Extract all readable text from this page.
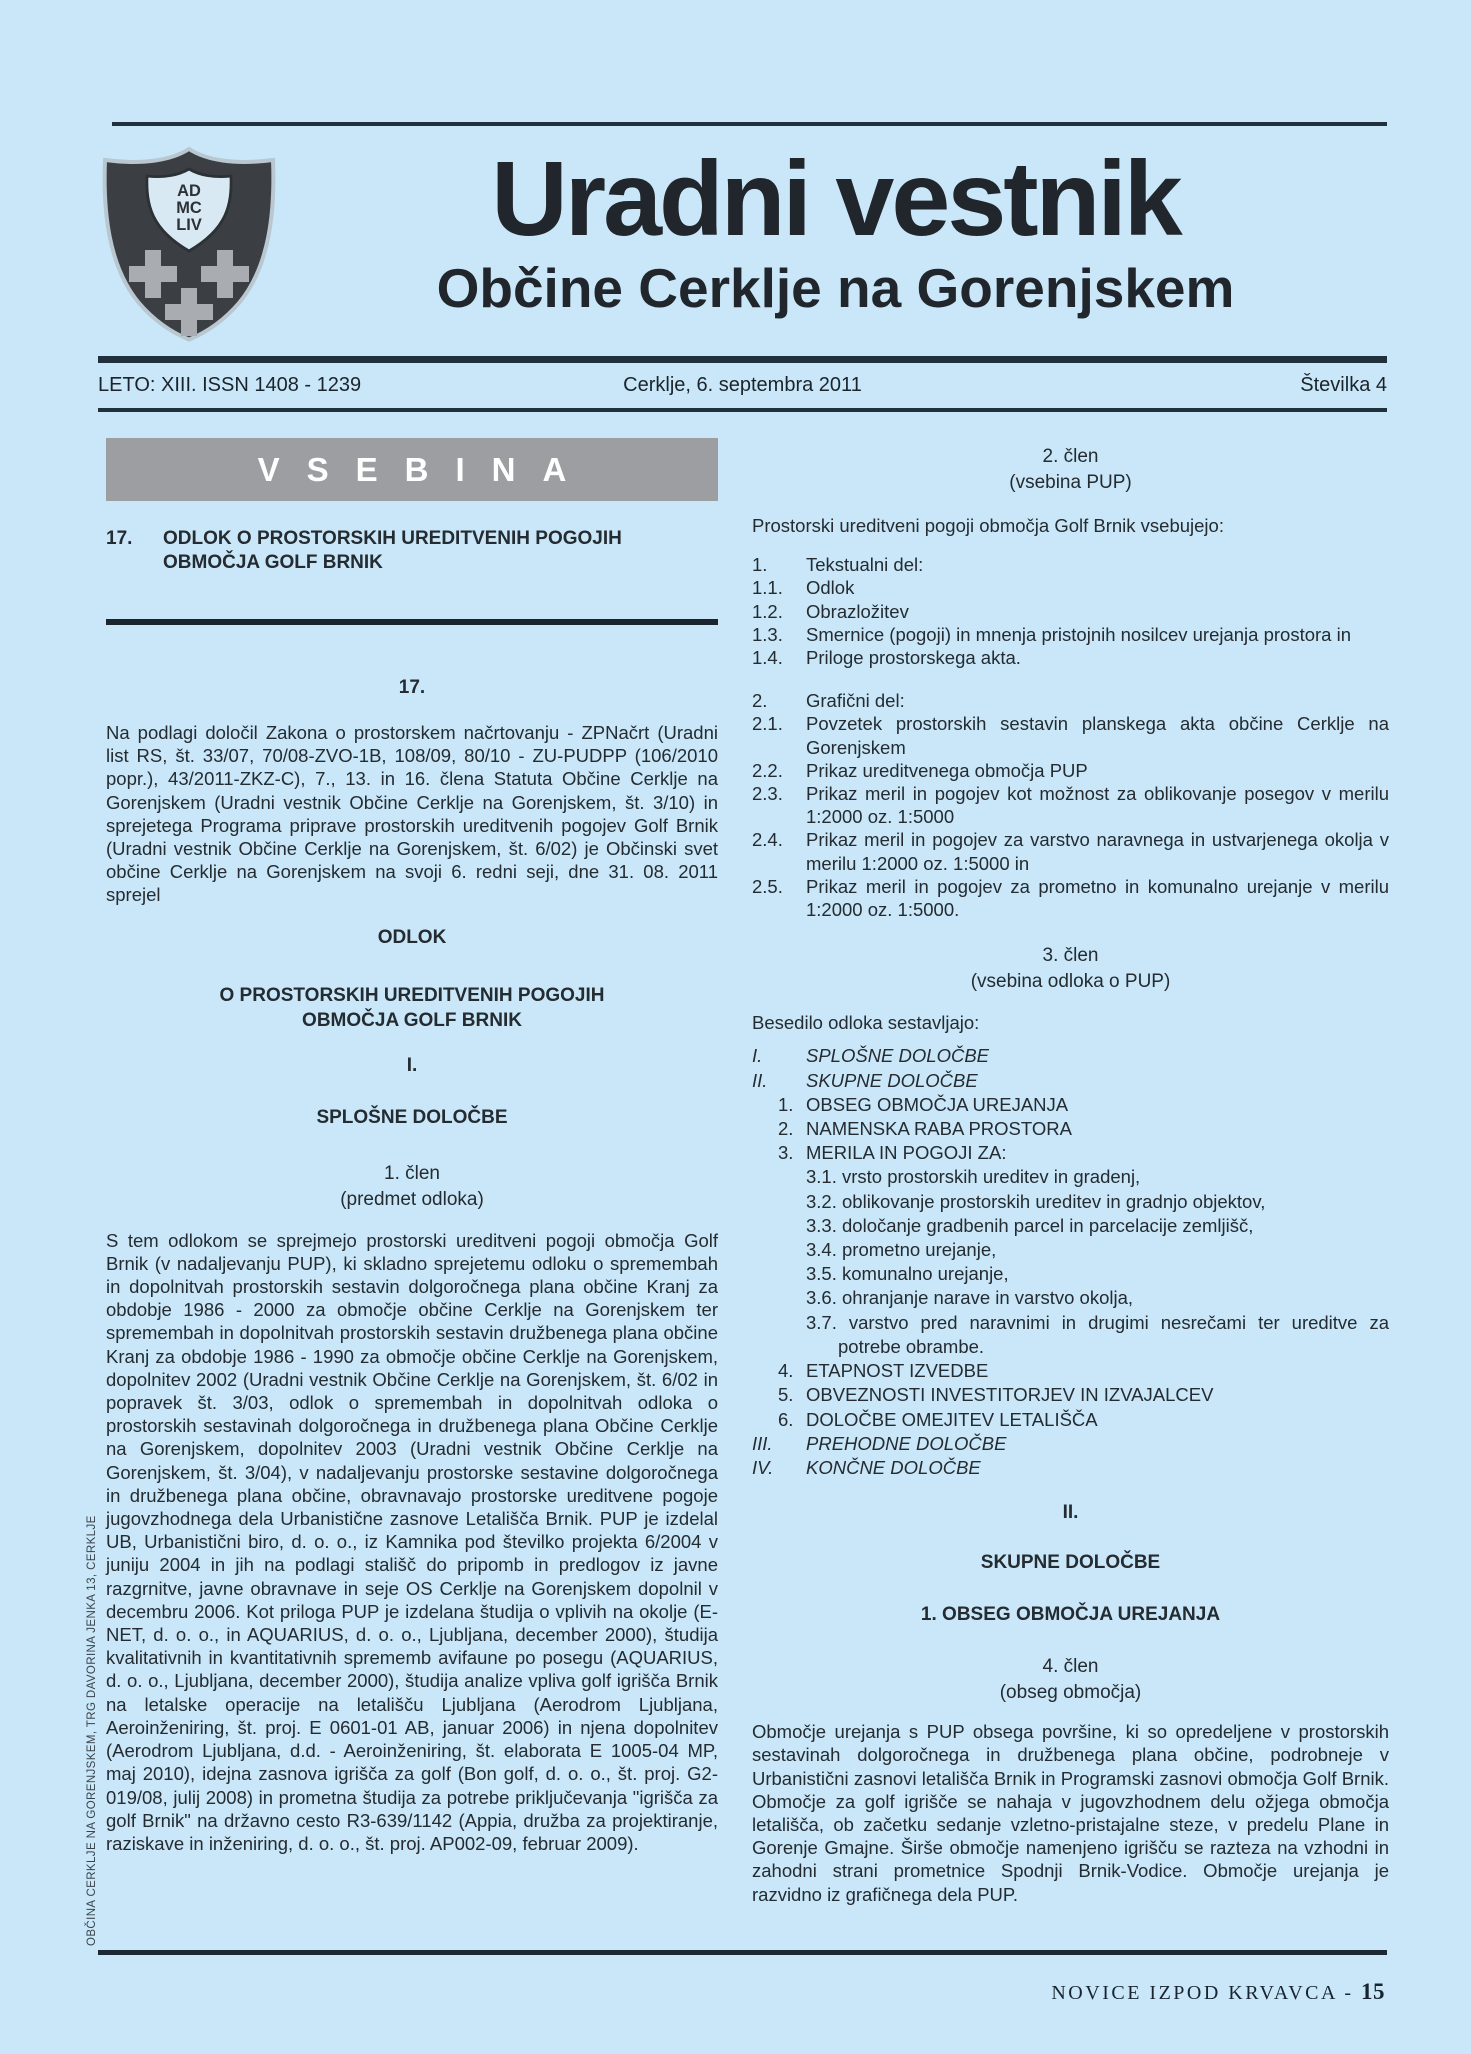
AD
MC
LIV	Uradni vestnik
Občine Cerklje na Gorenjskem
LETO: XIII. ISSN 1408 - 1239	Cerklje, 6. septembra 2011	Številka 4
VSEBINA
17.	ODLOK O PROSTORSKIH UREDITVENIH POGOJIH OBMOČJA GOLF BRNIK
17.

Na podlagi določil Zakona o prostorskem načrtovanju - ZPNačrt (Uradni list RS, št. 33/07, 70/08-ZVO-1B, 108/09, 80/10 - ZU-PUDPP (106/2010 popr.), 43/2011-ZKZ-C), 7., 13. in 16. člena Statuta Občine Cerklje na Gorenjskem (Uradni vestnik Občine Cerklje na Gorenjskem, št. 3/10) in sprejetega Programa priprave prostorskih ureditvenih pogojev Golf Brnik (Uradni vestnik Občine Cerklje na Gorenjskem, št. 6/02) je Občinski svet občine Cerklje na Gorenjskem na svoji 6. redni seji, dne 31. 08. 2011 sprejel

ODLOK
O PROSTORSKIH UREDITVENIH POGOJIH OBMOČJA GOLF BRNIK
I.
SPLOŠNE DOLOČBE
1. člen
(predmet odloka)

S tem odlokom se sprejmejo prostorski ureditveni pogoji območja Golf Brnik (v nadaljevanju PUP), ki skladno sprejetemu odloku o spremembah in dopolnitvah prostorskih sestavin dolgoročnega plana občine Kranj za obdobje 1986 - 2000 za območje občine Cerklje na Gorenjskem ter spremembah in dopolnitvah prostorskih sestavin družbenega plana občine Kranj za obdobje 1986 - 1990 za območje občine Cerklje na Gorenjskem, dopolnitev 2002 (Uradni vestnik Občine Cerklje na Gorenjskem, št. 6/02 in popravek št. 3/03, odlok o spremembah in dopolnitvah odloka o prostorskih sestavinah dolgoročnega in družbenega plana Občine Cerklje na Gorenjskem, dopolnitev 2003 (Uradni vestnik Občine Cerklje na Gorenjskem, št. 3/04), v nadaljevanju prostorske sestavine dolgoročnega in družbenega plana občine, obravnavajo prostorske ureditvene pogoje jugovzhodnega dela Urbanistične zasnove Letališča Brnik. PUP je izdelal UB, Urbanistični biro, d. o. o., iz Kamnika pod številko projekta 6/2004 v juniju 2004 in jih na podlagi stališč do pripomb in predlogov iz javne razgrnitve, javne obravnave in seje OS Cerklje na Gorenjskem dopolnil v decembru 2006. Kot priloga PUP je izdelana študija o vplivih na okolje (E-NET, d. o. o., in AQUARIUS, d. o. o., Ljubljana, december 2000), študija kvalitativnih in kvantitativnih sprememb avifaune po posegu (AQUARIUS, d. o. o., Ljubljana, december 2000), študija analize vpliva golf igrišča Brnik na letalske operacije na letališču Ljubljana (Aerodrom Ljubljana, Aeroinženiring, št. proj. E 0601-01 AB, januar 2006) in njena dopolnitev (Aerodrom Ljubljana, d.d. - Aeroinženiring, št. elaborata E 1005-04 MP, maj 2010), idejna zasnova igrišča za golf (Bon golf, d. o. o., št. proj. G2-019/08, julij 2008) in prometna študija za potrebe priključevanja "igrišča za golf Brnik" na državno cesto R3-639/1142 (Appia, družba za projektiranje, raziskave in inženiring, d. o. o., št. proj. AP002-09, februar 2009).

2. člen
(vsebina PUP)

Prostorski ureditveni pogoji območja Golf Brnik vsebujejo:

1.	Tekstualni del:
1.1.	Odlok
1.2.	Obrazložitev
1.3.	Smernice (pogoji) in mnenja pristojnih nosilcev urejanja prostora in
1.4.	Priloge prostorskega akta.
2.	Grafični del:
2.1.	Povzetek prostorskih sestavin planskega akta občine Cerklje na Gorenjskem
2.2.	Prikaz ureditvenega območja PUP
2.3.	Prikaz meril in pogojev kot možnost za oblikovanje posegov v merilu 1:2000 oz. 1:5000
2.4.	Prikaz meril in pogojev za varstvo naravnega in ustvarjenega okolja v merilu 1:2000 oz. 1:5000 in
2.5.	Prikaz meril in pogojev za prometno in komunalno urejanje v merilu 1:2000 oz. 1:5000.
3. člen
(vsebina odloka o PUP)

Besedilo odloka sestavljajo:

I.	SPLOŠNE DOLOČBE
II.	SKUPNE DOLOČBE
1. OBSEG OBMOČJA UREJANJA
2. NAMENSKA RABA PROSTORA
3. MERILA IN POGOJI ZA:
3.1. vrsto prostorskih ureditev in gradenj,
3.2. oblikovanje prostorskih ureditev in gradnjo objektov,
3.3. določanje gradbenih parcel in parcelacije zemljišč,
3.4. prometno urejanje,
3.5. komunalno urejanje,
3.6. ohranjanje narave in varstvo okolja,
3.7. varstvo pred naravnimi in drugimi nesrečami ter ureditve za potrebe obrambe.
4. ETAPNOST IZVEDBE
5. OBVEZNOSTI INVESTITORJEV IN IZVAJALCEV
6. DOLOČBE OMEJITEV LETALIŠČA
III.	PREHODNE DOLOČBE
IV.	KONČNE DOLOČBE
II.
SKUPNE DOLOČBE
1. OBSEG OBMOČJA UREJANJA
4. člen
(obseg območja)

Območje urejanja s PUP obsega površine, ki so opredeljene v prostorskih sestavinah dolgoročnega in družbenega plana občine, podrobneje v Urbanistični zasnovi letališča Brnik in Programski zasnovi območja Golf Brnik. Območje za golf igrišče se nahaja v jugovzhodnem delu ožjega območja letališča, ob začetku sedanje vzletno-pristajalne steze, v predelu Plane in Gorenje Gmajne. Širše območje namenjeno igrišču se razteza na vzhodni in zahodni strani prometnice Spodnji Brnik-Vodice. Območje urejanja je razvidno iz grafičnega dela PUP.

NOVICE IZPOD KRVAVCA - 15
OBČINA CERKLJE NA GORENJSKEM, TRG DAVORINA JENKA 13, CERKLJE
